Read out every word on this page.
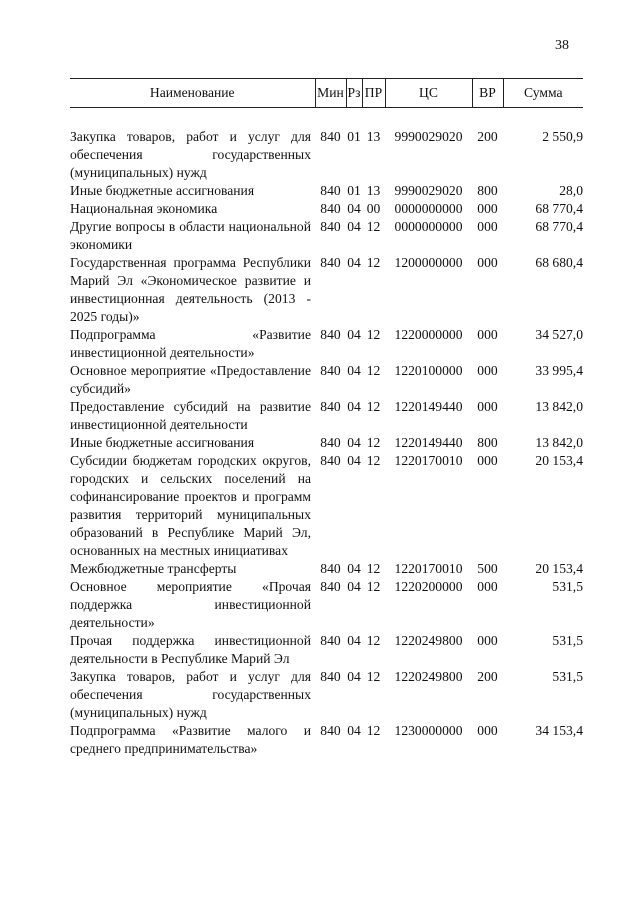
38
Наименование	Мин	Рз	ПР	ЦС	ВР	Сумма

Закупка товаров, работ и услуг для обеспечения государственных (муниципальных) нужд	840	01	13	9990029020	200	2 550,9
Иные бюджетные ассигнования	840	01	13	9990029020	800	28,0
Национальная экономика	840	04	00	0000000000	000	68 770,4
Другие вопросы в области национальной экономики	840	04	12	0000000000	000	68 770,4
Государственная программа Республики Марий Эл «Экономическое развитие и инвестиционная деятельность (2013 - 2025 годы)»	840	04	12	1200000000	000	68 680,4
Подпрограмма «Развитие инвестиционной деятельности»	840	04	12	1220000000	000	34 527,0
Основное мероприятие «Предоставление субсидий»	840	04	12	1220100000	000	33 995,4
Предоставление субсидий на развитие инвестиционной деятельности	840	04	12	1220149440	000	13 842,0
Иные бюджетные ассигнования	840	04	12	1220149440	800	13 842,0
Субсидии бюджетам городских округов, городских и сельских поселений на софинансирование проектов и программ развития территорий муниципальных образований в Республике Марий Эл, основанных на местных инициативах	840	04	12	1220170010	000	20 153,4
Межбюджетные трансферты	840	04	12	1220170010	500	20 153,4
Основное мероприятие «Прочая поддержка инвестиционной деятельности»	840	04	12	1220200000	000	531,5
Прочая поддержка инвестиционной деятельности в Республике Марий Эл	840	04	12	1220249800	000	531,5
Закупка товаров, работ и услуг для обеспечения государственных (муниципальных) нужд	840	04	12	1220249800	200	531,5
Подпрограмма «Развитие малого и среднего предпринимательства»	840	04	12	1230000000	000	34 153,4
